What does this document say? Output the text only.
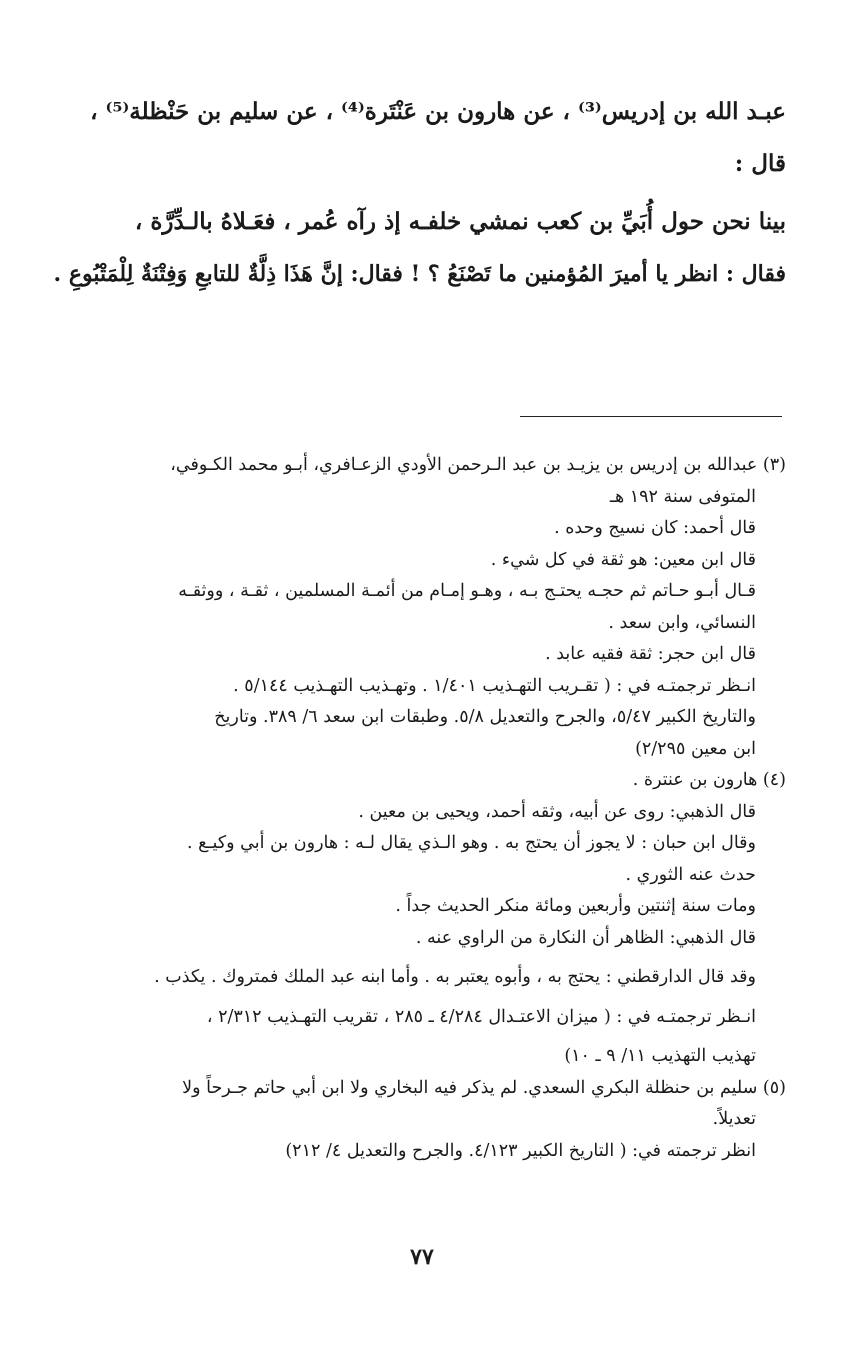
عبـد الله بن إدريس⁽³⁾ ، عن هارون بن عَنْتَرة⁽⁴⁾ ، عن سليم بن حَنْظلة⁽⁵⁾ ،

قال :

بينا نحن حول أُبَيِّ بن كعب نمشي خلفـه إذ رآه عُمر ، فعَـلاهُ بالـدِّرَّة ،

فقال : انظر يا أميرَ المُؤمنين ما تَصْنَعُ ؟ ! فقال: إنَّ هَذَا ذِلَّةٌ للتابعِ وَفِتْنَةٌ لِلْمَتْبُوعِ .

(٣) عبدالله بن إدريس بن يزيـد بن عبد الـرحمن الأودي الزعـافري، أبـو محمد الكـوفي،

المتوفى سنة ١٩٢ هـ

قال أحمد: كان نسيج وحده .

قال ابن معين: هو ثقة في كل شيء .

قـال أبـو حـاتم ثم حجـه يحتـج بـه ، وهـو إمـام من أئمـة المسلمين ، ثقـة ، ووثقـه

النسائي، وابن سعد .

قال ابن حجر: ثقة فقيه عابد .

انـظر ترجمتـه في : ( تقـريب التهـذيب ١/٤٠١ . وتهـذيب التهـذيب ٥/١٤٤ .

والتاريخ الكبير ٥/٤٧، والجرح والتعديل ٥/٨. وطبقات ابن سعد ٦/ ٣٨٩. وتاريخ

ابن معين ٢/٢٩٥)

(٤) هارون بن عنترة .

قال الذهبي: روى عن أبيه، وثقه أحمد، ويحيى بن معين .

وقال ابن حبان : لا يجوز أن يحتج به . وهو الـذي يقال لـه : هارون بن أبي وكيـع .

حدث عنه الثوري .

ومات سنة إثنتين وأربعين ومائة منكر الحديث جداً .

قال الذهبي: الظاهر أن النكارة من الراوي عنه .

وقد قال الدارقطني : يحتج به ، وأبوه يعتبر به . وأما ابنه عبد الملك فمتروك . يكذب .

انـظر ترجمتـه في : ( ميزان الاعتـدال ٤/٢٨٤ ـ ٢٨٥ ، تقريب التهـذيب ٢/٣١٢ ،

تهذيب التهذيب ١١/ ٩ ـ ١٠)

(٥) سليم بن حنظلة البكري السعدي. لم يذكر فيه البخاري ولا ابن أبي حاتم جـرحاً ولا

تعديلاً.

انظر ترجمته في: ( التاريخ الكبير ٤/١٢٣. والجرح والتعديل ٤/ ٢١٢)

٧٧
